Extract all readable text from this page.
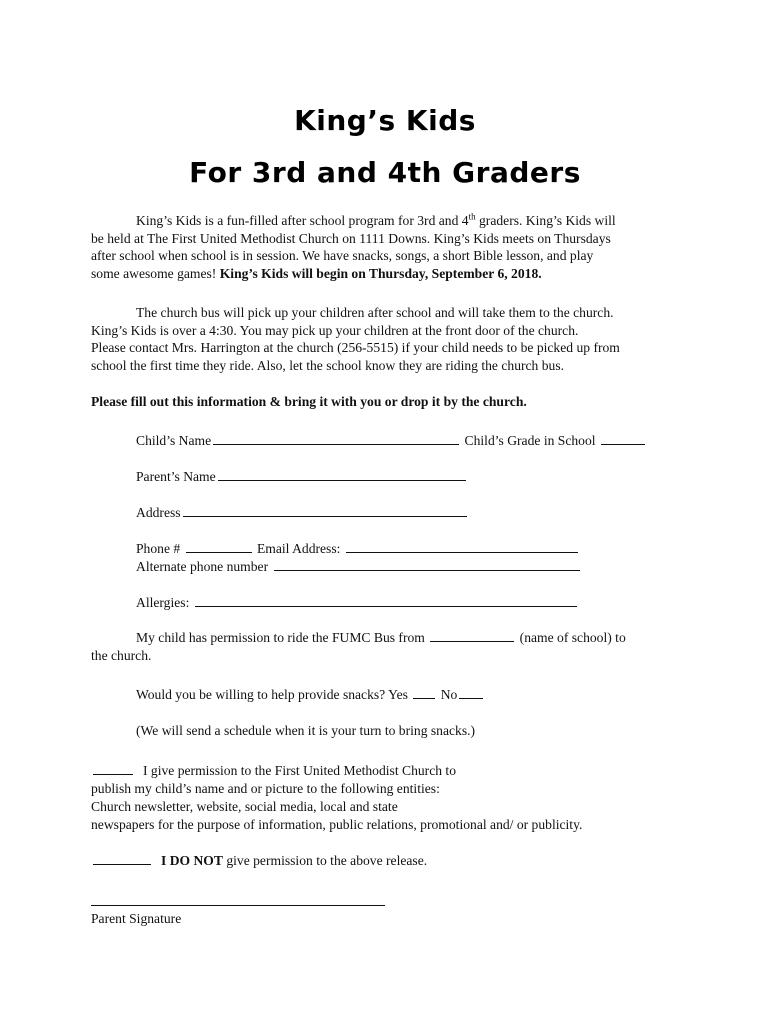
King’s Kids
For 3rd and 4th Graders

King’s Kids is a fun-filled after school program for 3rd and 4th graders. King’s Kids will
be held at The First United Methodist Church on 1111 Downs. King’s Kids meets on Thursdays
after school when school is in session. We have snacks, songs, a short Bible lesson, and play
some awesome games! King’s Kids will begin on Thursday, September 6, 2018.

The church bus will pick up your children after school and will take them to the church.
King’s Kids is over a 4:30. You may pick up your children at the front door of the church.
Please contact Mrs. Harrington at the church (256-5515) if your child needs to be picked up from
school the first time they ride. Also, let the school know they are riding the church bus.

Please fill out this information & bring it with you or drop it by the church.
Child’s Name	Child’s Grade in School
Parent’s Name
Address
Phone #	Email Address:
Alternate phone number
Allergies:
My child has permission to ride the FUMC Bus from	(name of school) to
the church.
Would you be willing to help provide snacks? Yes  No
(We will send a schedule when it is your turn to bring snacks.)
I give permission to the First United Methodist Church to
publish my child’s name and or picture to the following entities:
Church newsletter, website, social media, local and state
newspapers for the purpose of information, public relations, promotional and/ or publicity.
I DO NOT give permission to the above release.
Parent Signature
